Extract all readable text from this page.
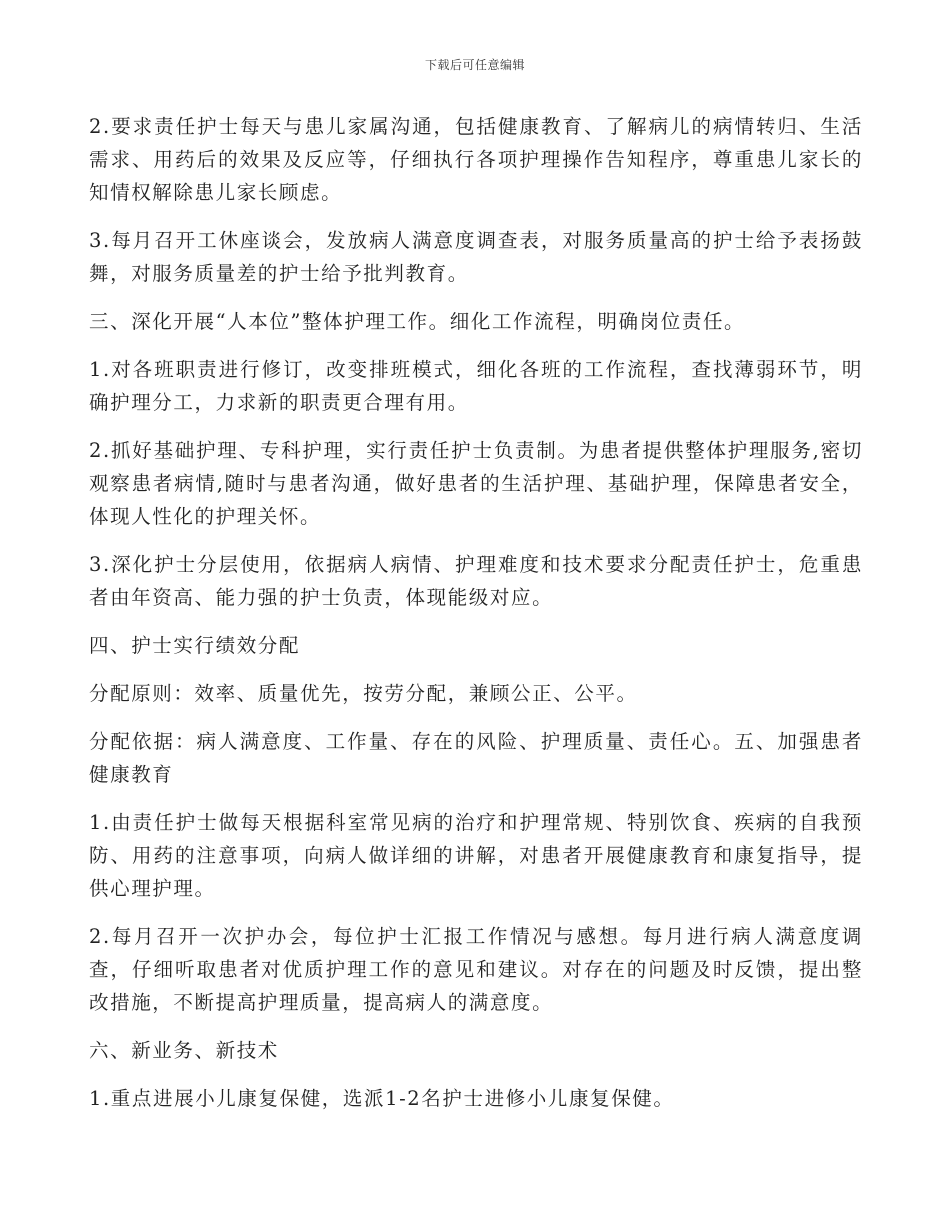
下载后可任意编辑

2.要求责任护士每天与患儿家属沟通，包括健康教育、了解病儿的病情转归、生活需求、用药后的效果及反应等，仔细执行各项护理操作告知程序，尊重患儿家长的知情权解除患儿家长顾虑。

3.每月召开工休座谈会，发放病人满意度调查表，对服务质量高的护士给予表扬鼓舞，对服务质量差的护士给予批判教育。

三、深化开展“人本位”整体护理工作。细化工作流程，明确岗位责任。

1.对各班职责进行修订，改变排班模式，细化各班的工作流程，查找薄弱环节，明确护理分工，力求新的职责更合理有用。

2.抓好基础护理、专科护理，实行责任护士负责制。为患者提供整体护理服务,密切观察患者病情,随时与患者沟通，做好患者的生活护理、基础护理，保障患者安全，体现人性化的护理关怀。

3.深化护士分层使用，依据病人病情、护理难度和技术要求分配责任护士，危重患者由年资高、能力强的护士负责，体现能级对应。

四、护士实行绩效分配

分配原则：效率、质量优先，按劳分配，兼顾公正、公平。

分配依据：病人满意度、工作量、存在的风险、护理质量、责任心。五、加强患者健康教育

1.由责任护士做每天根据科室常见病的治疗和护理常规、特别饮食、疾病的自我预防、用药的注意事项，向病人做详细的讲解，对患者开展健康教育和康复指导，提供心理护理。

2.每月召开一次护办会，每位护士汇报工作情况与感想。每月进行病人满意度调查，仔细听取患者对优质护理工作的意见和建议。对存在的问题及时反馈，提出整改措施，不断提高护理质量，提高病人的满意度。

六、新业务、新技术

1.重点进展小儿康复保健，选派1-2名护士进修小儿康复保健。
